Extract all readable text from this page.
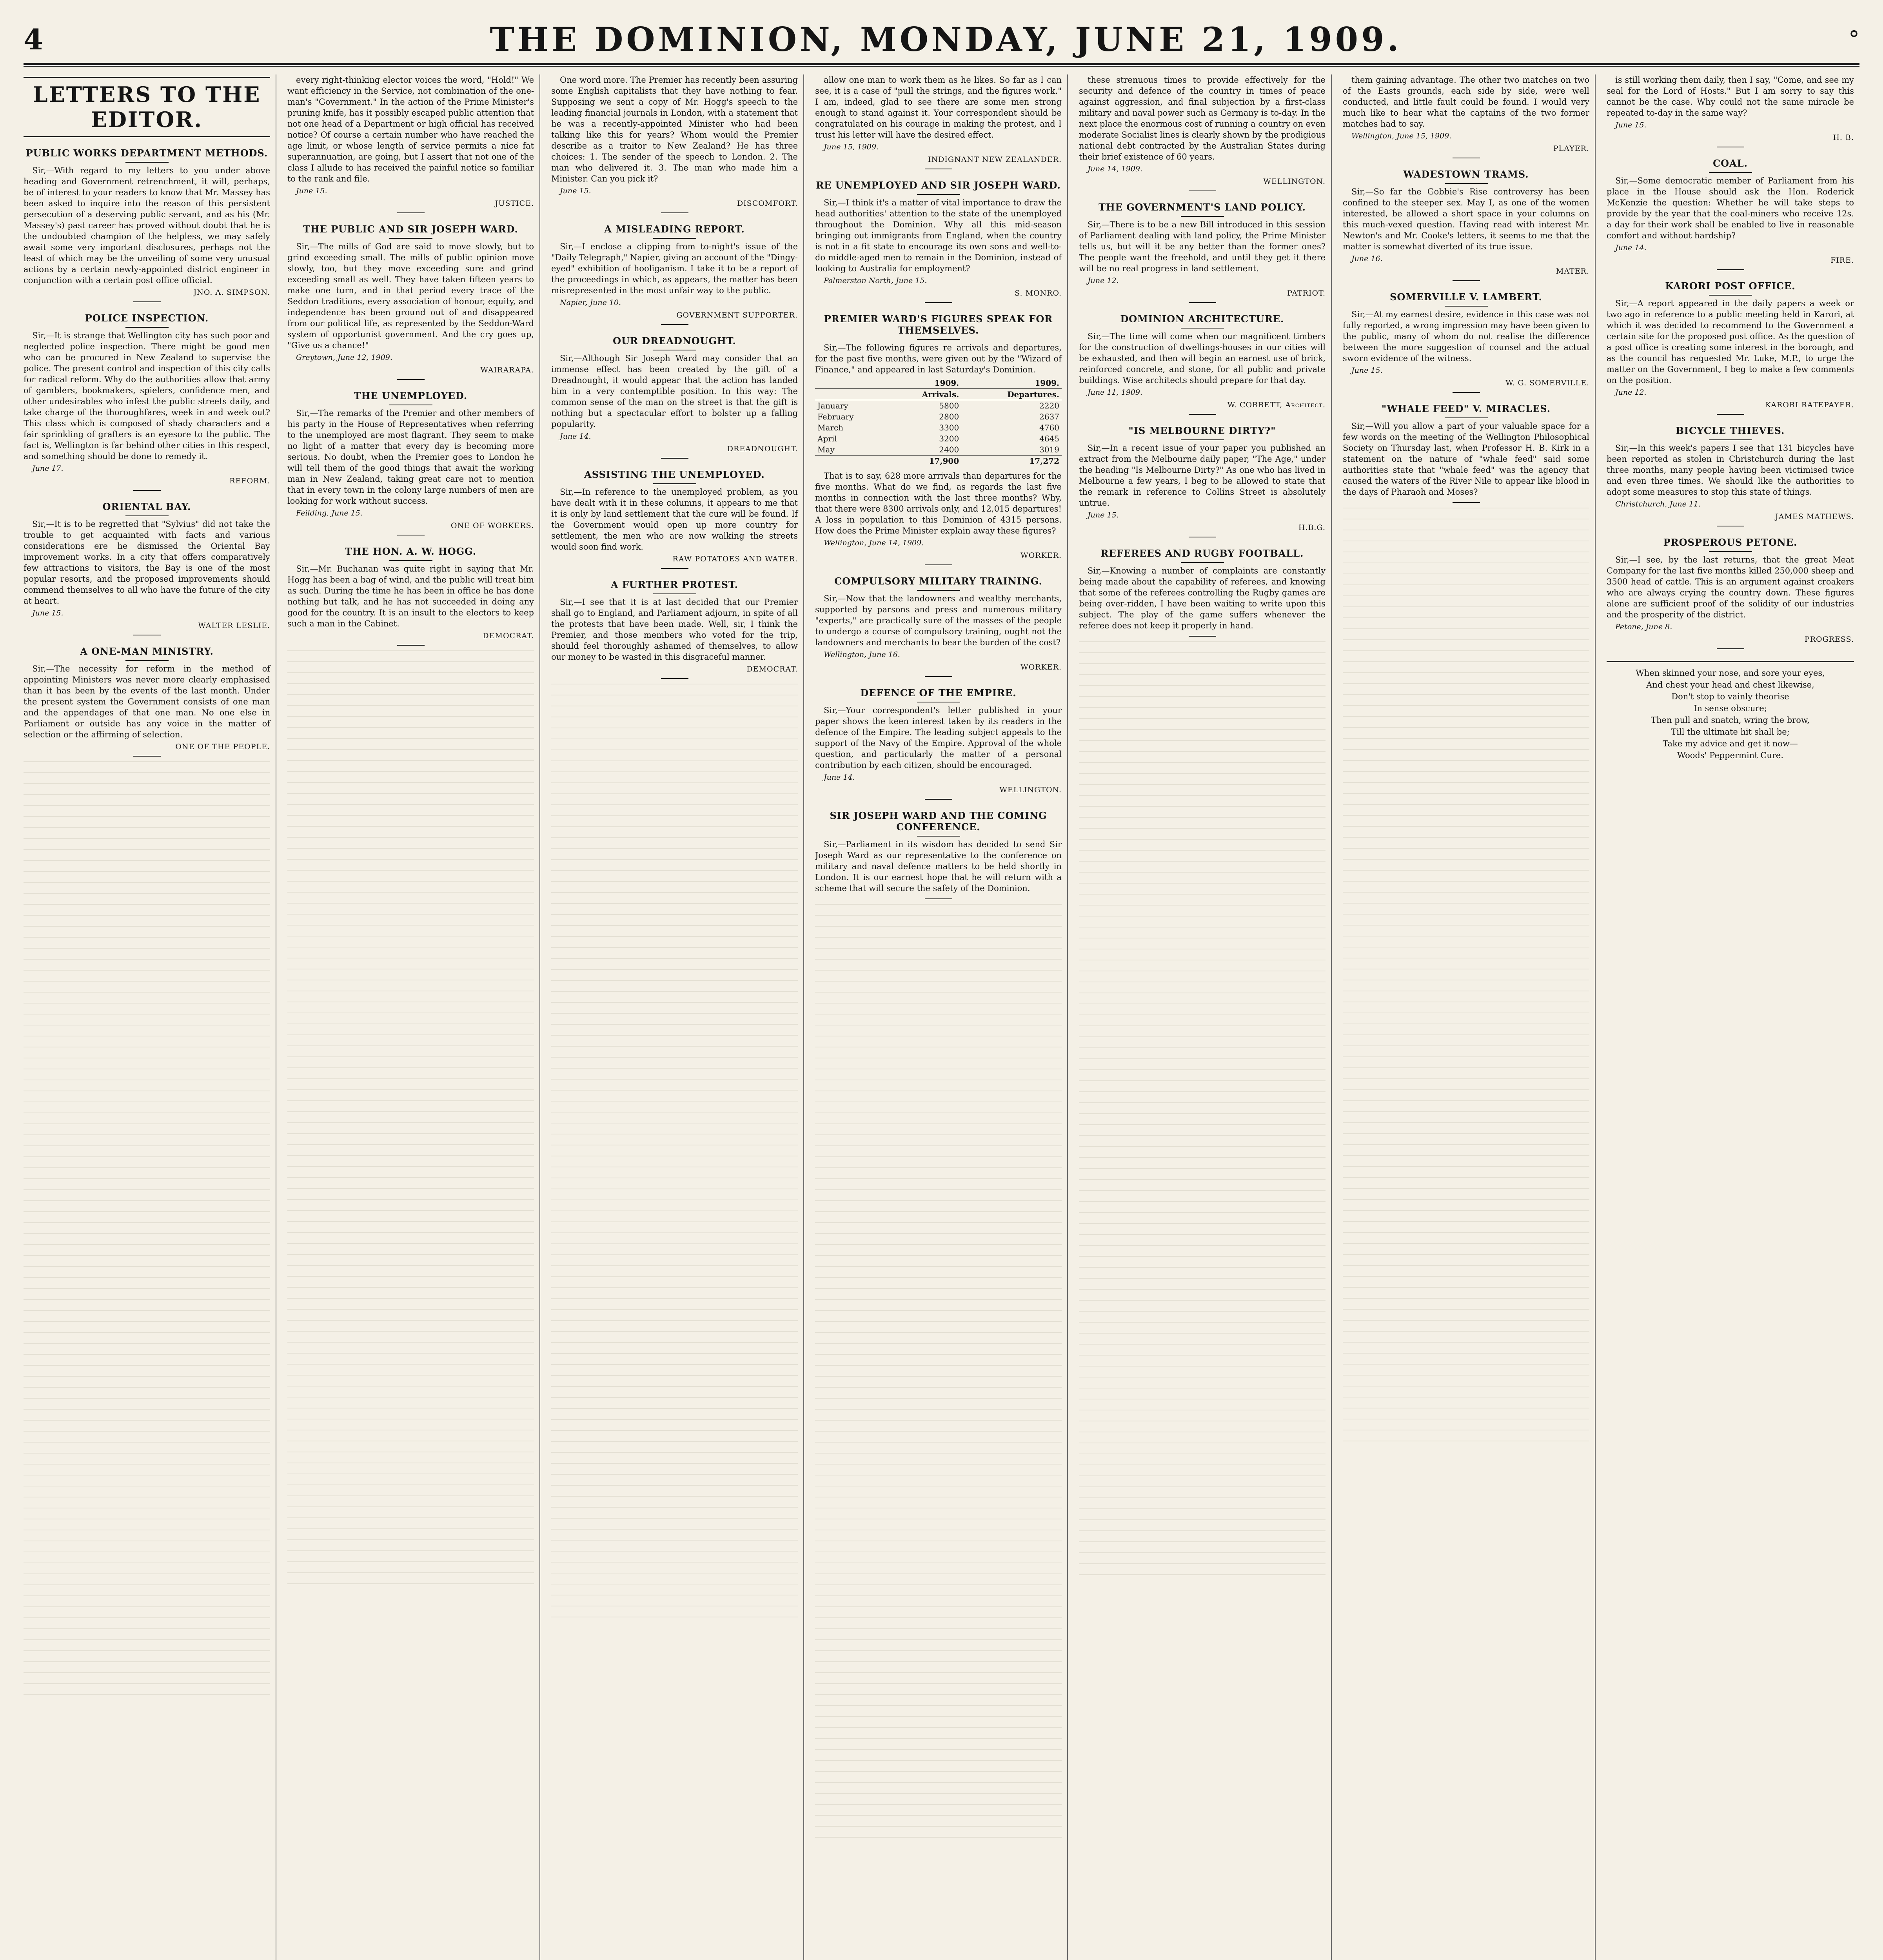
4	THE DOMINION, MONDAY, JUNE 21, 1909.	°
LETTERS TO THE EDITOR.
PUBLIC WORKS DEPARTMENT METHODS.

Sir,—With regard to my letters to you under above heading and Government retrenchment, it will, perhaps, be of interest to your readers to know that Mr. Massey has been asked to inquire into the reason of this persistent persecution of a deserving public servant, and as his (Mr. Massey's) past career has proved without doubt that he is the undoubted champion of the helpless, we may safely await some very important disclosures, perhaps not the least of which may be the unveiling of some very unusual actions by a certain newly-appointed district engineer in conjunction with a certain post office official.

JNO. A. SIMPSON.
POLICE INSPECTION.

Sir,—It is strange that Wellington city has such poor and neglected police inspection. There might be good men who can be procured in New Zealand to supervise the police. The present control and inspection of this city calls for radical reform. Why do the authorities allow that army of gamblers, bookmakers, spielers, confidence men, and other undesirables who infest the public streets daily, and take charge of the thoroughfares, week in and week out? This class which is composed of shady characters and a fair sprinkling of grafters is an eyesore to the public. The fact is, Wellington is far behind other cities in this respect, and something should be done to remedy it.

June 17.
REFORM.
ORIENTAL BAY.

Sir,—It is to be regretted that "Sylvius" did not take the trouble to get acquainted with facts and various considerations ere he dismissed the Oriental Bay improvement works. In a city that offers comparatively few attractions to visitors, the Bay is one of the most popular resorts, and the proposed improvements should commend themselves to all who have the future of the city at heart.

June 15.
WALTER LESLIE.
A ONE-MAN MINISTRY.

Sir,—The necessity for reform in the method of appointing Ministers was never more clearly emphasised than it has been by the events of the last month. Under the present system the Government consists of one man and the appendages of that one man. No one else in Parliament or outside has any voice in the matter of selection or the affirming of selection.

ONE OF THE PEOPLE.

every right-thinking elector voices the word, "Hold!" We want efficiency in the Service, not combination of the one-man's "Government." In the action of the Prime Minister's pruning knife, has it possibly escaped public attention that not one head of a Department or high official has received notice? Of course a certain number who have reached the age limit, or whose length of service permits a nice fat superannuation, are going, but I assert that not one of the class I allude to has received the painful notice so familiar to the rank and file.

June 15.
JUSTICE.
THE PUBLIC AND SIR JOSEPH WARD.

Sir,—The mills of God are said to move slowly, but to grind exceeding small. The mills of public opinion move slowly, too, but they move exceeding sure and grind exceeding small as well. They have taken fifteen years to make one turn, and in that period every trace of the Seddon traditions, every association of honour, equity, and independence has been ground out of and disappeared from our political life, as represented by the Seddon-Ward system of opportunist government. And the cry goes up, "Give us a chance!"

Greytown, June 12, 1909.
WAIRARAPA.
THE UNEMPLOYED.

Sir,—The remarks of the Premier and other members of his party in the House of Representatives when referring to the unemployed are most flagrant. They seem to make no light of a matter that every day is becoming more serious. No doubt, when the Premier goes to London he will tell them of the good things that await the working man in New Zealand, taking great care not to mention that in every town in the colony large numbers of men are looking for work without success.

Feilding, June 15.
ONE OF WORKERS.
THE HON. A. W. HOGG.

Sir,—Mr. Buchanan was quite right in saying that Mr. Hogg has been a bag of wind, and the public will treat him as such. During the time he has been in office he has done nothing but talk, and he has not succeeded in doing any good for the country. It is an insult to the electors to keep such a man in the Cabinet.

DEMOCRAT.

One word more. The Premier has recently been assuring some English capitalists that they have nothing to fear. Supposing we sent a copy of Mr. Hogg's speech to the leading financial journals in London, with a statement that he was a recently-appointed Minister who had been talking like this for years? Whom would the Premier describe as a traitor to New Zealand? He has three choices: 1. The sender of the speech to London. 2. The man who delivered it. 3. The man who made him a Minister. Can you pick it?

June 15.
DISCOMFORT.
A MISLEADING REPORT.

Sir,—I enclose a clipping from to-night's issue of the "Daily Telegraph," Napier, giving an account of the "Dingy-eyed" exhibition of hooliganism. I take it to be a report of the proceedings in which, as appears, the matter has been misrepresented in the most unfair way to the public.

Napier, June 10.
GOVERNMENT SUPPORTER.
OUR DREADNOUGHT.

Sir,—Although Sir Joseph Ward may consider that an immense effect has been created by the gift of a Dreadnought, it would appear that the action has landed him in a very contemptible position. In this way: The common sense of the man on the street is that the gift is nothing but a spectacular effort to bolster up a falling popularity.

June 14.
DREADNOUGHT.
ASSISTING THE UNEMPLOYED.

Sir,—In reference to the unemployed problem, as you have dealt with it in these columns, it appears to me that it is only by land settlement that the cure will be found. If the Government would open up more country for settlement, the men who are now walking the streets would soon find work.

RAW POTATOES AND WATER.
A FURTHER PROTEST.

Sir,—I see that it is at last decided that our Premier shall go to England, and Parliament adjourn, in spite of all the protests that have been made. Well, sir, I think the Premier, and those members who voted for the trip, should feel thoroughly ashamed of themselves, to allow our money to be wasted in this disgraceful manner.

DEMOCRAT.

allow one man to work them as he likes. So far as I can see, it is a case of "pull the strings, and the figures work." I am, indeed, glad to see there are some men strong enough to stand against it. Your correspondent should be congratulated on his courage in making the protest, and I trust his letter will have the desired effect.

June 15, 1909.
INDIGNANT NEW ZEALANDER.
RE UNEMPLOYED AND SIR JOSEPH WARD.

Sir,—I think it's a matter of vital importance to draw the head authorities' attention to the state of the unemployed throughout the Dominion. Why all this mid-season bringing out immigrants from England, when the country is not in a fit state to encourage its own sons and well-to-do middle-aged men to remain in the Dominion, instead of looking to Australia for employment?

Palmerston North, June 15.
S. MONRO.
PREMIER WARD'S FIGURES SPEAK FOR THEMSELVES.

Sir,—The following figures re arrivals and departures, for the past five months, were given out by the "Wizard of Finance," and appeared in last Saturday's Dominion.

	1909.	1909.
	Arrivals.	Departures.
January	5800	2220
February	2800	2637
March	3300	4760
April	3200	4645
May	2400	3019
	17,900	17,272

That is to say, 628 more arrivals than departures for the five months. What do we find, as regards the last five months in connection with the last three months? Why, that there were 8300 arrivals only, and 12,015 departures! A loss in population to this Dominion of 4315 persons. How does the Prime Minister explain away these figures?

Wellington, June 14, 1909.
WORKER.
COMPULSORY MILITARY TRAINING.

Sir,—Now that the landowners and wealthy merchants, supported by parsons and press and numerous military "experts," are practically sure of the masses of the people to undergo a course of compulsory training, ought not the landowners and merchants to bear the burden of the cost?

Wellington, June 16.
WORKER.
DEFENCE OF THE EMPIRE.

Sir,—Your correspondent's letter published in your paper shows the keen interest taken by its readers in the defence of the Empire. The leading subject appeals to the support of the Navy of the Empire. Approval of the whole question, and particularly the matter of a personal contribution by each citizen, should be encouraged.

June 14.
WELLINGTON.
SIR JOSEPH WARD AND THE COMING CONFERENCE.

Sir,—Parliament in its wisdom has decided to send Sir Joseph Ward as our representative to the conference on military and naval defence matters to be held shortly in London. It is our earnest hope that he will return with a scheme that will secure the safety of the Dominion.

these strenuous times to provide effectively for the security and defence of the country in times of peace against aggression, and final subjection by a first-class military and naval power such as Germany is to-day. In the next place the enormous cost of running a country on even moderate Socialist lines is clearly shown by the prodigious national debt contracted by the Australian States during their brief existence of 60 years.

June 14, 1909.
WELLINGTON.
THE GOVERNMENT'S LAND POLICY.

Sir,—There is to be a new Bill introduced in this session of Parliament dealing with land policy, the Prime Minister tells us, but will it be any better than the former ones? The people want the freehold, and until they get it there will be no real progress in land settlement.

June 12.
PATRIOT.
DOMINION ARCHITECTURE.

Sir,—The time will come when our magnificent timbers for the construction of dwellings-houses in our cities will be exhausted, and then will begin an earnest use of brick, reinforced concrete, and stone, for all public and private buildings. Wise architects should prepare for that day.

June 11, 1909.
W. CORBETT, Architect.
"IS MELBOURNE DIRTY?"

Sir,—In a recent issue of your paper you published an extract from the Melbourne daily paper, "The Age," under the heading "Is Melbourne Dirty?" As one who has lived in Melbourne a few years, I beg to be allowed to state that the remark in reference to Collins Street is absolutely untrue.

June 15.
H.B.G.
REFEREES AND RUGBY FOOTBALL.

Sir,—Knowing a number of complaints are constantly being made about the capability of referees, and knowing that some of the referees controlling the Rugby games are being over-ridden, I have been waiting to write upon this subject. The play of the game suffers whenever the referee does not keep it properly in hand.

them gaining advantage. The other two matches on two of the Easts grounds, each side by side, were well conducted, and little fault could be found. I would very much like to hear what the captains of the two former matches had to say.

Wellington, June 15, 1909.
PLAYER.
WADESTOWN TRAMS.

Sir,—So far the Gobbie's Rise controversy has been confined to the steeper sex. May I, as one of the women interested, be allowed a short space in your columns on this much-vexed question. Having read with interest Mr. Newton's and Mr. Cooke's letters, it seems to me that the matter is somewhat diverted of its true issue.

June 16.
MATER.
SOMERVILLE V. LAMBERT.

Sir,—At my earnest desire, evidence in this case was not fully reported, a wrong impression may have been given to the public, many of whom do not realise the difference between the more suggestion of counsel and the actual sworn evidence of the witness.

June 15.
W. G. SOMERVILLE.
"WHALE FEED" V. MIRACLES.

Sir,—Will you allow a part of your valuable space for a few words on the meeting of the Wellington Philosophical Society on Thursday last, when Professor H. B. Kirk in a statement on the nature of "whale feed" said some authorities state that "whale feed" was the agency that caused the waters of the River Nile to appear like blood in the days of Pharaoh and Moses?

is still working them daily, then I say, "Come, and see my seal for the Lord of Hosts." But I am sorry to say this cannot be the case. Why could not the same miracle be repeated to-day in the same way?

June 15.
H. B.
COAL.

Sir,—Some democratic member of Parliament from his place in the House should ask the Hon. Roderick McKenzie the question: Whether he will take steps to provide by the year that the coal-miners who receive 12s. a day for their work shall be enabled to live in reasonable comfort and without hardship?

June 14.
FIRE.
KARORI POST OFFICE.

Sir,—A report appeared in the daily papers a week or two ago in reference to a public meeting held in Karori, at which it was decided to recommend to the Government a certain site for the proposed post office. As the question of a post office is creating some interest in the borough, and as the council has requested Mr. Luke, M.P., to urge the matter on the Government, I beg to make a few comments on the position.

June 12.
KARORI RATEPAYER.
BICYCLE THIEVES.

Sir,—In this week's papers I see that 131 bicycles have been reported as stolen in Christchurch during the last three months, many people having been victimised twice and even three times. We should like the authorities to adopt some measures to stop this state of things.

Christchurch, June 11.
JAMES MATHEWS.
PROSPEROUS PETONE.

Sir,—I see, by the last returns, that the great Meat Company for the last five months killed 250,000 sheep and 3500 head of cattle. This is an argument against croakers who are always crying the country down. These figures alone are sufficient proof of the solidity of our industries and the prosperity of the district.

Petone, June 8.
PROGRESS.
When skinned your nose, and sore your eyes,
And chest your head and chest likewise,
Don't stop to vainly theorise
In sense obscure;
Then pull and snatch, wring the brow,
Till the ultimate hit shall be;
Take my advice and get it now—
Woods' Peppermint Cure.
